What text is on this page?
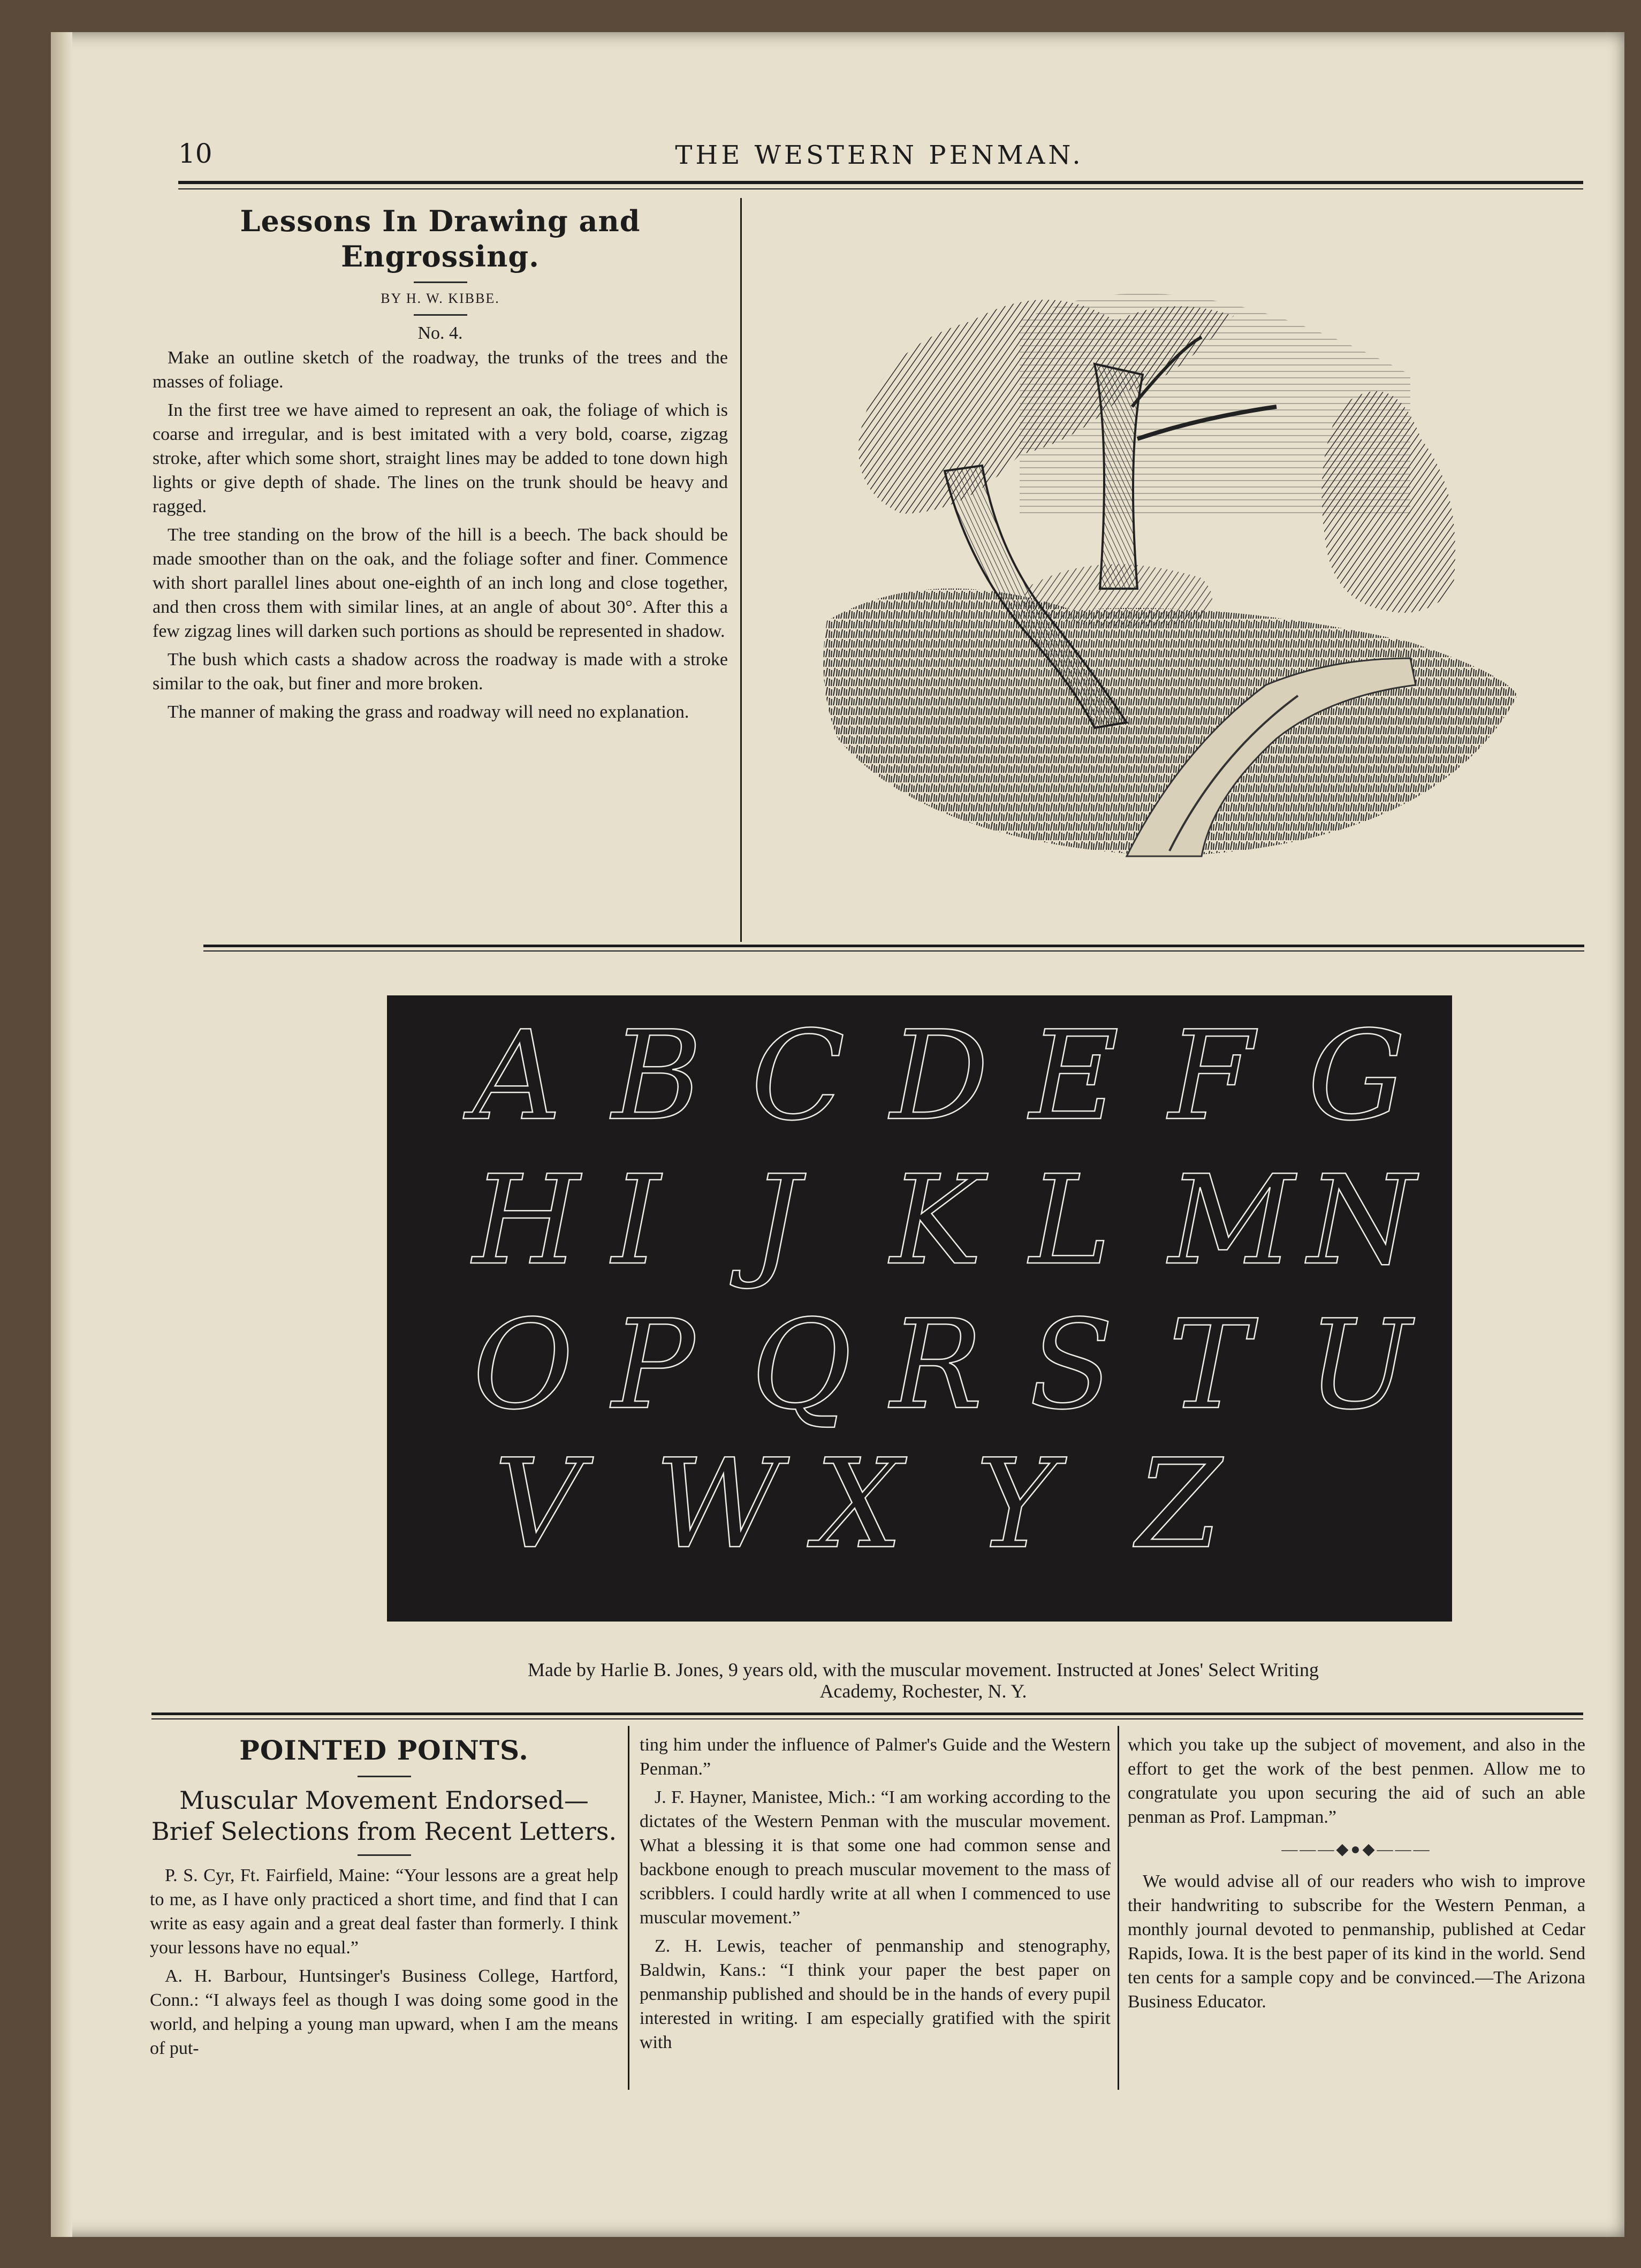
10	THE WESTERN PENMAN.
Lessons In Drawing and
Engrossing.
BY H. W. KIBBE.
No. 4.

Make an outline sketch of the roadway, the trunks of the trees and the masses of foliage.

In the first tree we have aimed to represent an oak, the foliage of which is coarse and irregular, and is best imitated with a very bold, coarse, zigzag stroke, after which some short, straight lines may be added to tone down high lights or give depth of shade. The lines on the trunk should be heavy and ragged.

The tree standing on the brow of the hill is a beech. The back should be made smoother than on the oak, and the foliage softer and finer. Commence with short parallel lines about one-eighth of an inch long and close together, and then cross them with similar lines, at an angle of about 30°. After this a few zigzag lines will darken such portions as should be represented in shadow.

The bush which casts a shadow across the roadway is made with a stroke similar to the oak, but finer and more broken.

The manner of making the grass and roadway will need no explanation.

A B C D E F G
H I J K L M N
O P Q R S T U
V W X Y Z
Made by Harlie B. Jones, 9 years old, with the muscular movement. Instructed at Jones' Select Writing
Academy, Rochester, N. Y.
POINTED POINTS.
Muscular Movement Endorsed—Brief Selections from Recent Letters.

P. S. Cyr, Ft. Fairfield, Maine: “Your lessons are a great help to me, as I have only practiced a short time, and find that I can write as easy again and a great deal faster than formerly. I think your lessons have no equal.”

A. H. Barbour, Huntsinger's Business College, Hartford, Conn.: “I always feel as though I was doing some good in the world, and helping a young man upward, when I am the means of put-

ting him under the influence of Palmer's Guide and the Western Penman.”

J. F. Hayner, Manistee, Mich.: “I am working according to the dictates of the Western Penman with the muscular movement. What a blessing it is that some one had common sense and backbone enough to preach muscular movement to the mass of scribblers. I could hardly write at all when I commenced to use muscular movement.”

Z. H. Lewis, teacher of penmanship and stenography, Baldwin, Kans.: “I think your paper the best paper on penmanship published and should be in the hands of every pupil interested in writing. I am especially gratified with the spirit with

which you take up the subject of movement, and also in the effort to get the work of the best penmen. Allow me to congratulate you upon securing the aid of such an able penman as Prof. Lampman.”

———◆●◆———

We would advise all of our readers who wish to improve their handwriting to subscribe for the Western Penman, a monthly journal devoted to penmanship, published at Cedar Rapids, Iowa. It is the best paper of its kind in the world. Send ten cents for a sample copy and be convinced.—The Arizona Business Educator.
